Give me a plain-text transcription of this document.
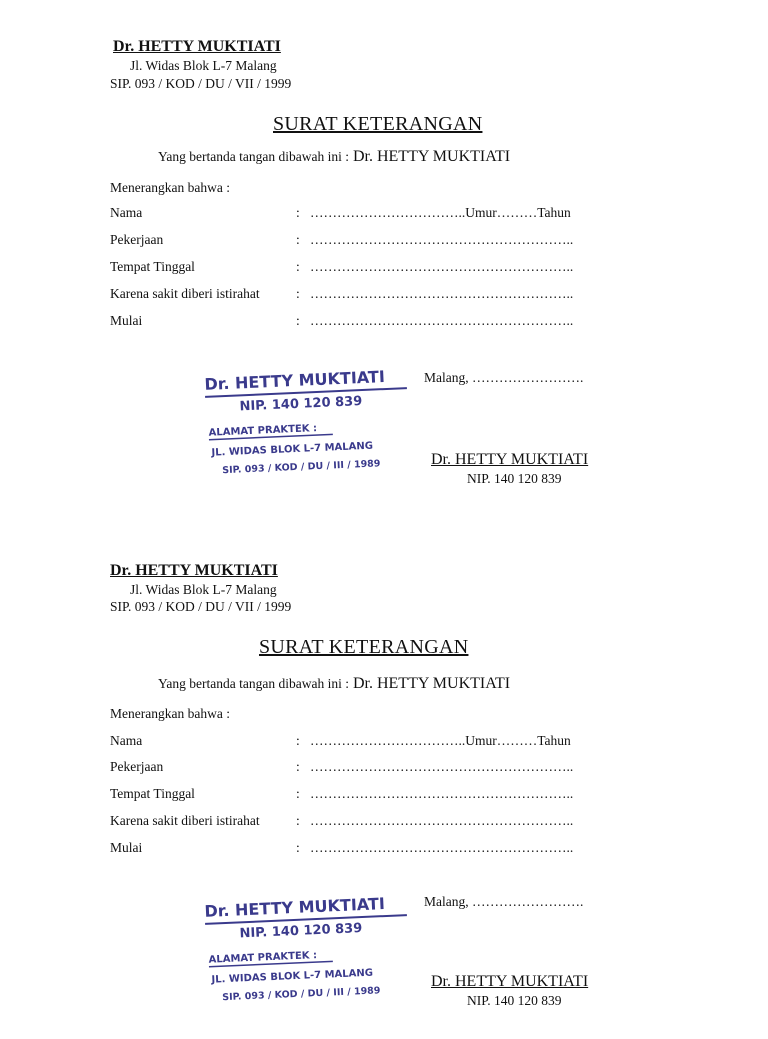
Dr. HETTY MUKTIATI
Jl. Widas Blok L-7 Malang
SIP. 093 / KOD / DU / VII / 1999
SURAT KETERANGAN
Yang bertanda tangan dibawah ini : Dr. HETTY MUKTIATI
Menerangkan bahwa :
Nama	: ……………………………..Umur………Tahun
Pekerjaan	: …………………………………………………..
Tempat Tinggal	: …………………………………………………..
Karena sakit diberi istirahat	: …………………………………………………..
Mulai	: …………………………………………………..
Malang, …………………….
Dr. HETTY MUKTIATI
NIP. 140 120 839
ALAMAT PRAKTEK :
JL. WIDAS BLOK L-7 MALANG
SIP. 093 / KOD / DU / III / 1989	Dr. HETTY MUKTIATI
NIP. 140 120 839
Dr. HETTY MUKTIATI
Jl. Widas Blok L-7 Malang
SIP. 093 / KOD / DU / VII / 1999
SURAT KETERANGAN
Yang bertanda tangan dibawah ini : Dr. HETTY MUKTIATI
Menerangkan bahwa :
Nama	: ……………………………..Umur………Tahun
Pekerjaan	: …………………………………………………..
Tempat Tinggal	: …………………………………………………..
Karena sakit diberi istirahat	: …………………………………………………..
Mulai	: …………………………………………………..
Malang, …………………….
Dr. HETTY MUKTIATI
NIP. 140 120 839
ALAMAT PRAKTEK :
JL. WIDAS BLOK L-7 MALANG
SIP. 093 / KOD / DU / III / 1989
Dr. HETTY MUKTIATI
NIP. 140 120 839
